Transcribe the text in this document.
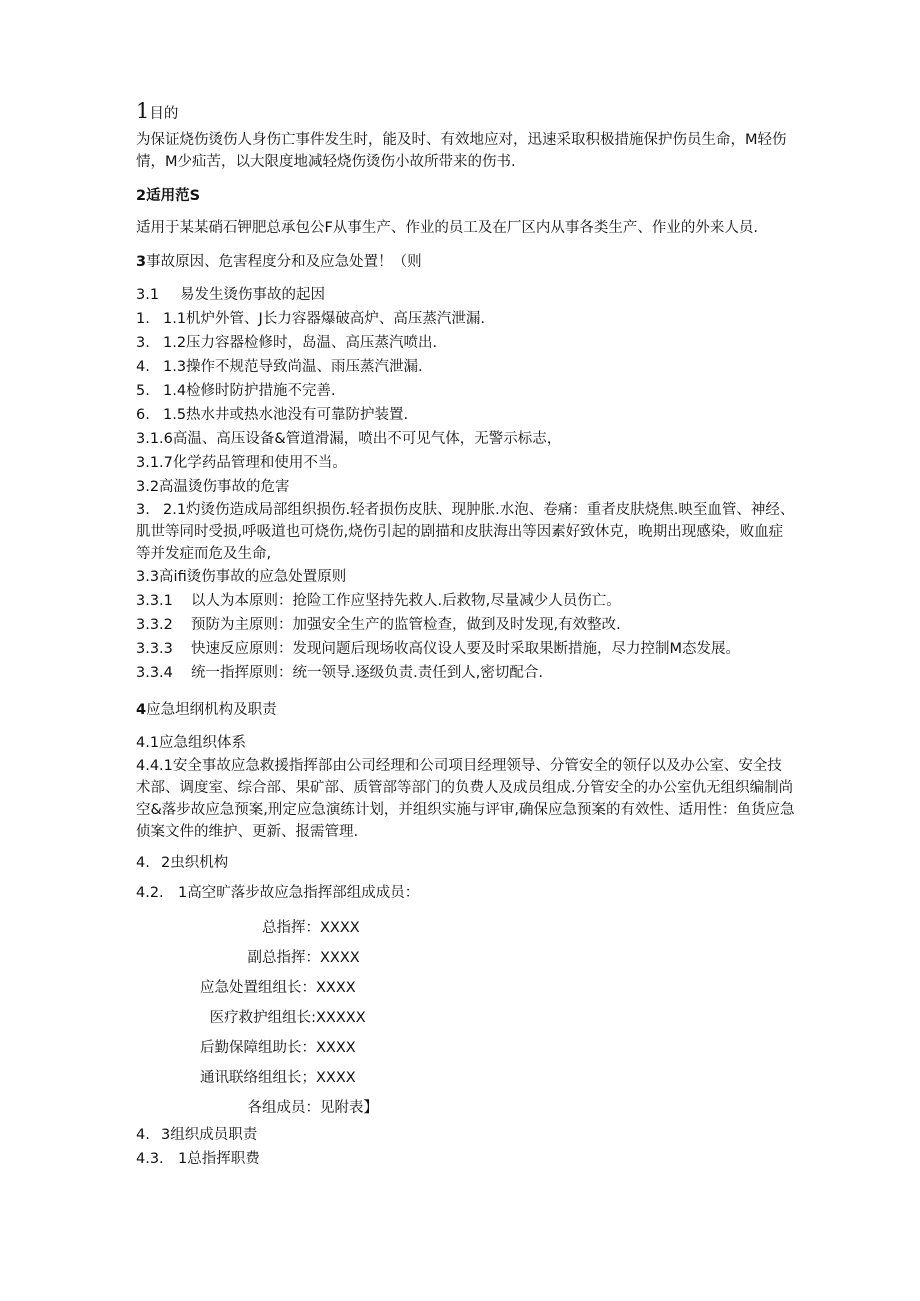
1目的

为保证烧伤烫伤人身伤亡事件发生时，能及时、有效地应对，迅速采取积极措施保护伤员生命，M轻伤情，M少疝苦，以大限度地减轻烧伤烫伤小故所带来的伤书.

2适用范S

适用于某某硝石钾肥总承包公F从事生产、作业的员工及在厂区内从事各类生产、作业的外来人员.

3事故原因、危害程度分和及应急处置！（则
3.1	易发生烫伤事故的起因
1. 1.1机炉外管、J长力容器爆破高炉、高压蒸汽泄漏.
3. 1.2压力容器检修时，岛温、高压蒸汽喷出.
4. 1.3操作不规范导致尚温、雨压蒸汽泄漏.
5. 1.4检修时防护措施不完善.
6. 1.5热水井或热水池没有可靠防护装置.
3.1.6高温、高压设备&管道滑漏，喷出不可见气体，无警示标志，
3.1.7化学药品管理和使用不当。
3.2高温烫伤事故的危害

3. 2.1灼烫伤造成局部组织损伤.轻者损伤皮肤、现肿胀.水泡、卷痛：重者皮肤烧焦.映至血管、神经、肌世等同时受损,呼吸道也可烧伤,烧伤引起的剧描和皮肤海出等因素好致休克，晚期出现感染，败血症等并发症而危及生命,

3.3高ifi烫伤事故的应急处置原则
3.3.1	以人为本原则：抢险工作应坚持先救人.后救物,尽量减少人员伤亡。
3.3.2	预防为主原则：加强安全生产的监管检查，做到及时发现,有效整改.
3.3.3	快速反应原则：发现问题后现场收高仪设人要及时采取果断措施，尽力控制M态发展。
3.3.4	统一指挥原则：统一领导.逐级负责.责任到人,密切配合.
4应急坦纲机构及职责
4.1应急组织体系

4.4.1安全事故应急救援指挥部由公司经理和公司项目经理领导、分管安全的领仔以及办公室、安全技术部、调度室、综合部、果矿部、质管部等部门的负费人及成员组成.分管安全的办公室仇无组织编制尚空&落步故应急预案,刑定应急演练计划，并组织实施与评审,确保应急预案的有效性、适用性：鱼货应急侦案文件的维护、更新、报需管理.

4. 2虫织机构
4.2. 1高空旷落步故应急指挥部组成成员：
总指挥： XXXX
副总指挥： XXXX
应急处置组组长： XXXX
医疗救护组组长: XXXXX
后勤保障组助长： XXXX
通讯联络组组长； XXXX
各组成员： 见附表】
4. 3组织成员职责
4.3. 1总指挥职费
